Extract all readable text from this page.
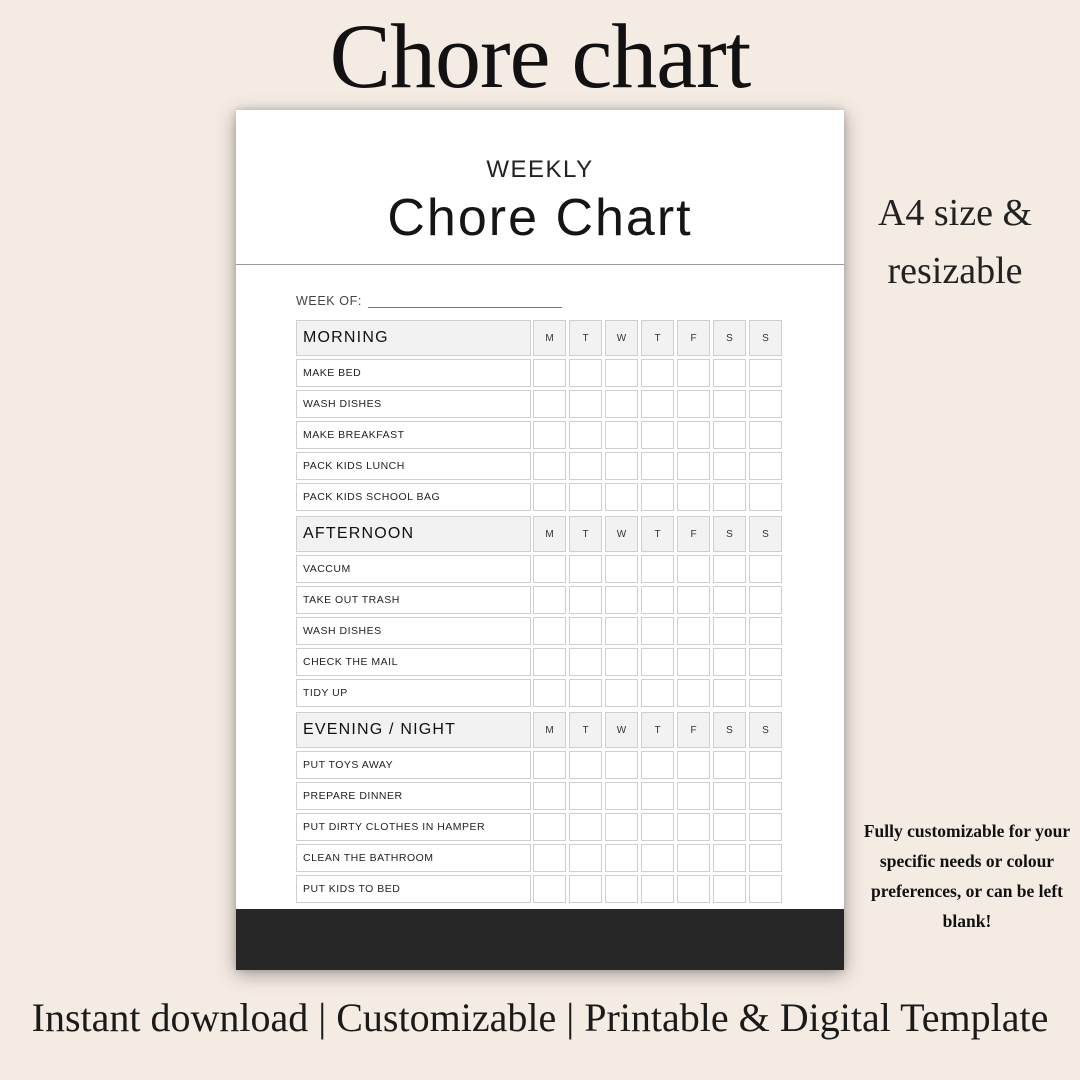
Chore chart
WEEKLY
Chore Chart
WEEK OF:
MORNING	M	T	W	T	F	S	S
MAKE BED
WASH DISHES
MAKE BREAKFAST
PACK KIDS LUNCH
PACK KIDS SCHOOL BAG
AFTERNOON	M	T	W	T	F	S	S
VACCUM
TAKE OUT TRASH
WASH DISHES
CHECK THE MAIL
TIDY UP
EVENING / NIGHT	M	T	W	T	F	S	S
PUT TOYS AWAY
PREPARE DINNER
PUT DIRTY CLOTHES IN HAMPER
CLEAN THE BATHROOM
PUT KIDS TO BED
A4 size & resizable
Fully customizable for your specific needs or colour preferences, or can be left blank!
Instant download | Customizable | Printable & Digital Template
